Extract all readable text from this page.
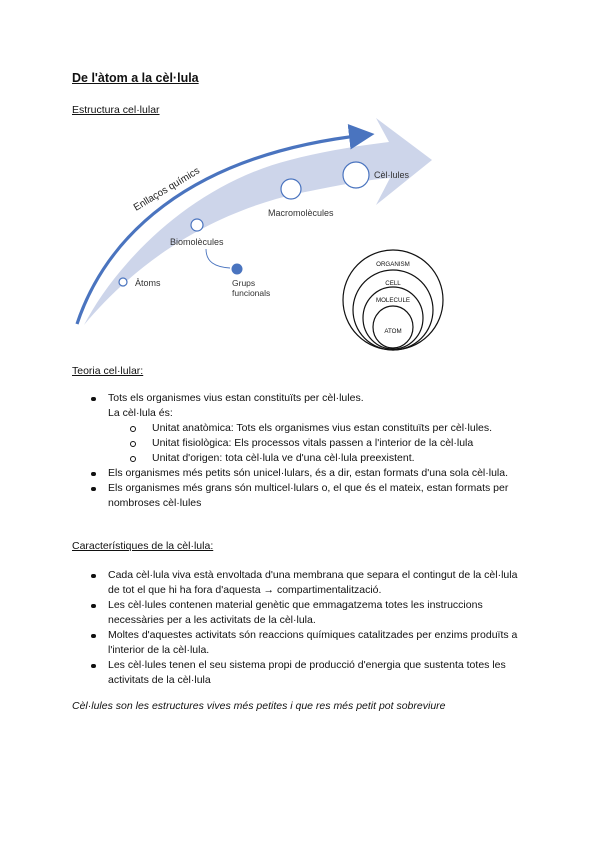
De l'àtom a la cèl·lula

Estructura cel·lular

Enllaços químics
Àtoms
Biomolècules
Grups
funcionals
Macromolècules
Cèl·lules
ORGANISM
CELL
MOLECULE
ATOM

Teoria cel·lular:

Tots els organismes vius estan constituïts per cèl·lules.
La cèl·lula és:
Unitat anatòmica: Tots els organismes vius estan constituïts per cèl·lules.
Unitat fisiològica: Els processos vitals passen a l'interior de la cèl·lula
Unitat d'origen: tota cèl·lula ve d'una cèl·lula preexistent.
Els organismes més petits són unicel·lulars, és a dir, estan formats d'una sola cèl·lula.
Els organismes més grans són multicel·lulars o, el que és el mateix, estan formats per nombroses cèl·lules

Característiques de la cèl·lula:

Cada cèl·lula viva està envoltada d'una membrana que separa el contingut de la cèl·lula de tot el que hi ha fora d'aquesta → compartimentalització.
Les cèl·lules contenen material genètic que emmagatzema totes les instruccions necessàries per a les activitats de la cèl·lula.
Moltes d'aquestes activitats són reaccions químiques catalitzades per enzims produïts a l'interior de la cèl·lula.
Les cèl·lules tenen el seu sistema propi de producció d'energia que sustenta totes les activitats de la cèl·lula

Cèl·lules son les estructures vives més petites i que res més petit pot sobreviure
